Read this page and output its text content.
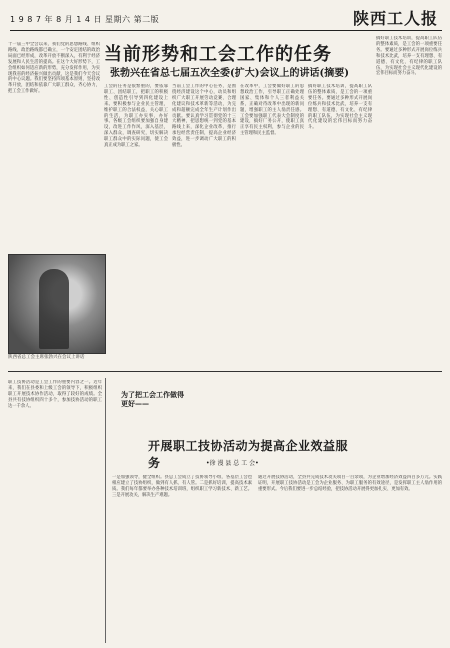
1 9 8 7 年 8 月 1 4 日 星期六 第二版	陕西工人报
十一届三中全会以来，我们党的思想路线、组织路线、政治路线都已确立，一个安定团结的政治局面已经形成，改革开放不断深入，有利于经济发展和人民生活的提高。在这个大好形势下，工会组织如何适应新的形势，充分发挥作用，为实现我省的经济振兴做出贡献，这是我们今天会议的中心议题。我们要坚持四项基本原则，坚持改革开放，团结和依靠广大职工群众，齐心协力，把工会工作做好。
当前形势和工会工作的任务
张勃兴在省总七届五次全委(扩大)会议上的讲话(摘要)
工会的任务是很繁重的，要依靠职工、团结职工，把职工的积极性、创造性引导到四化建设上来。要积极参与企业民主管理，维护职工的合法权益，关心职工的生活，为职工办实事、办好事。各级工会组织要加强自身建设，改进工作作风，深入基层，深入群众，调查研究，切实解决职工群众中的实际问题，使工会真正成为职工之家。
当前工会工作的中心任务，是围绕经济建设这个中心，动员和组织广大职工开展劳动竞赛、合理化建议和技术革新等活动，为完成和超额完成全年生产计划作出贡献。要认真学习贯彻党的十三大精神，把思想统一到党的基本路线上来，深化企业改革，推行承包经营责任制，提高企业经济效益，进一步调动广大职工的积极性。
在改革中，工会要做好职工的思想政治工作，引导职工正确处理国家、集体和个人三者利益关系，正确对待改革中出现的新问题，增强职工的主人翁责任感。工会要加强职工代表大会制度的建设，搞好厂务公开，使职工真正享有民主权利，参与企业的民主管理和民主监督。
搞好职工技术培训，提高职工队伍的整体素质，是工会的一项重要任务。要通过多种形式开展岗位练兵和技术比武，培养一支有理想、有道德、有文化、有纪律的职工队伍，为实现社会主义现代化建设的宏伟目标而努力奋斗。
搞好职工技术培训，提高职工队伍的整体素质，是工会的一项重要任务。要通过多种形式开展岗位练兵和技术比武，培养一支有理想、有道德、有文化、有纪律的职工队伍，为实现社会主义现代化建设的宏伟目标而努力奋斗。
陕西省总工会主席张勃兴在会议上讲话
职工技协活动是工会工作的重要内容之一。近年来，我们在县委和上级工会的领导下，积极组织职工开展技术协作活动，取得了较好的成绩。全县共有技协组织四十多个，参加技协活动的职工达一千余人。
为了把工会工作做得更好——
开展职工技协活动为提高企业效益服务	•徐 漫 县 总 工 会•
一是加强领导，健全组织。县总工会成立了技协领导小组，各基层工会也相应建立了技协组织，做到有人抓、有人管。二是抓好培训，提高技术素质。我们每年都要举办各种技术培训班，组织职工学习新技术、新工艺。三是开展攻关，解决生产难题。
通过开展技协活动，全县共完成技术攻关项目一百余项，为企业增加经济效益四百多万元。实践证明，开展职工技协活动是工会为企业服务、为职工服务的有效途径，是发挥职工主人翁作用的重要形式。今后我们要进一步总结经验，把技协活动开展得更加扎实、更加有效。
